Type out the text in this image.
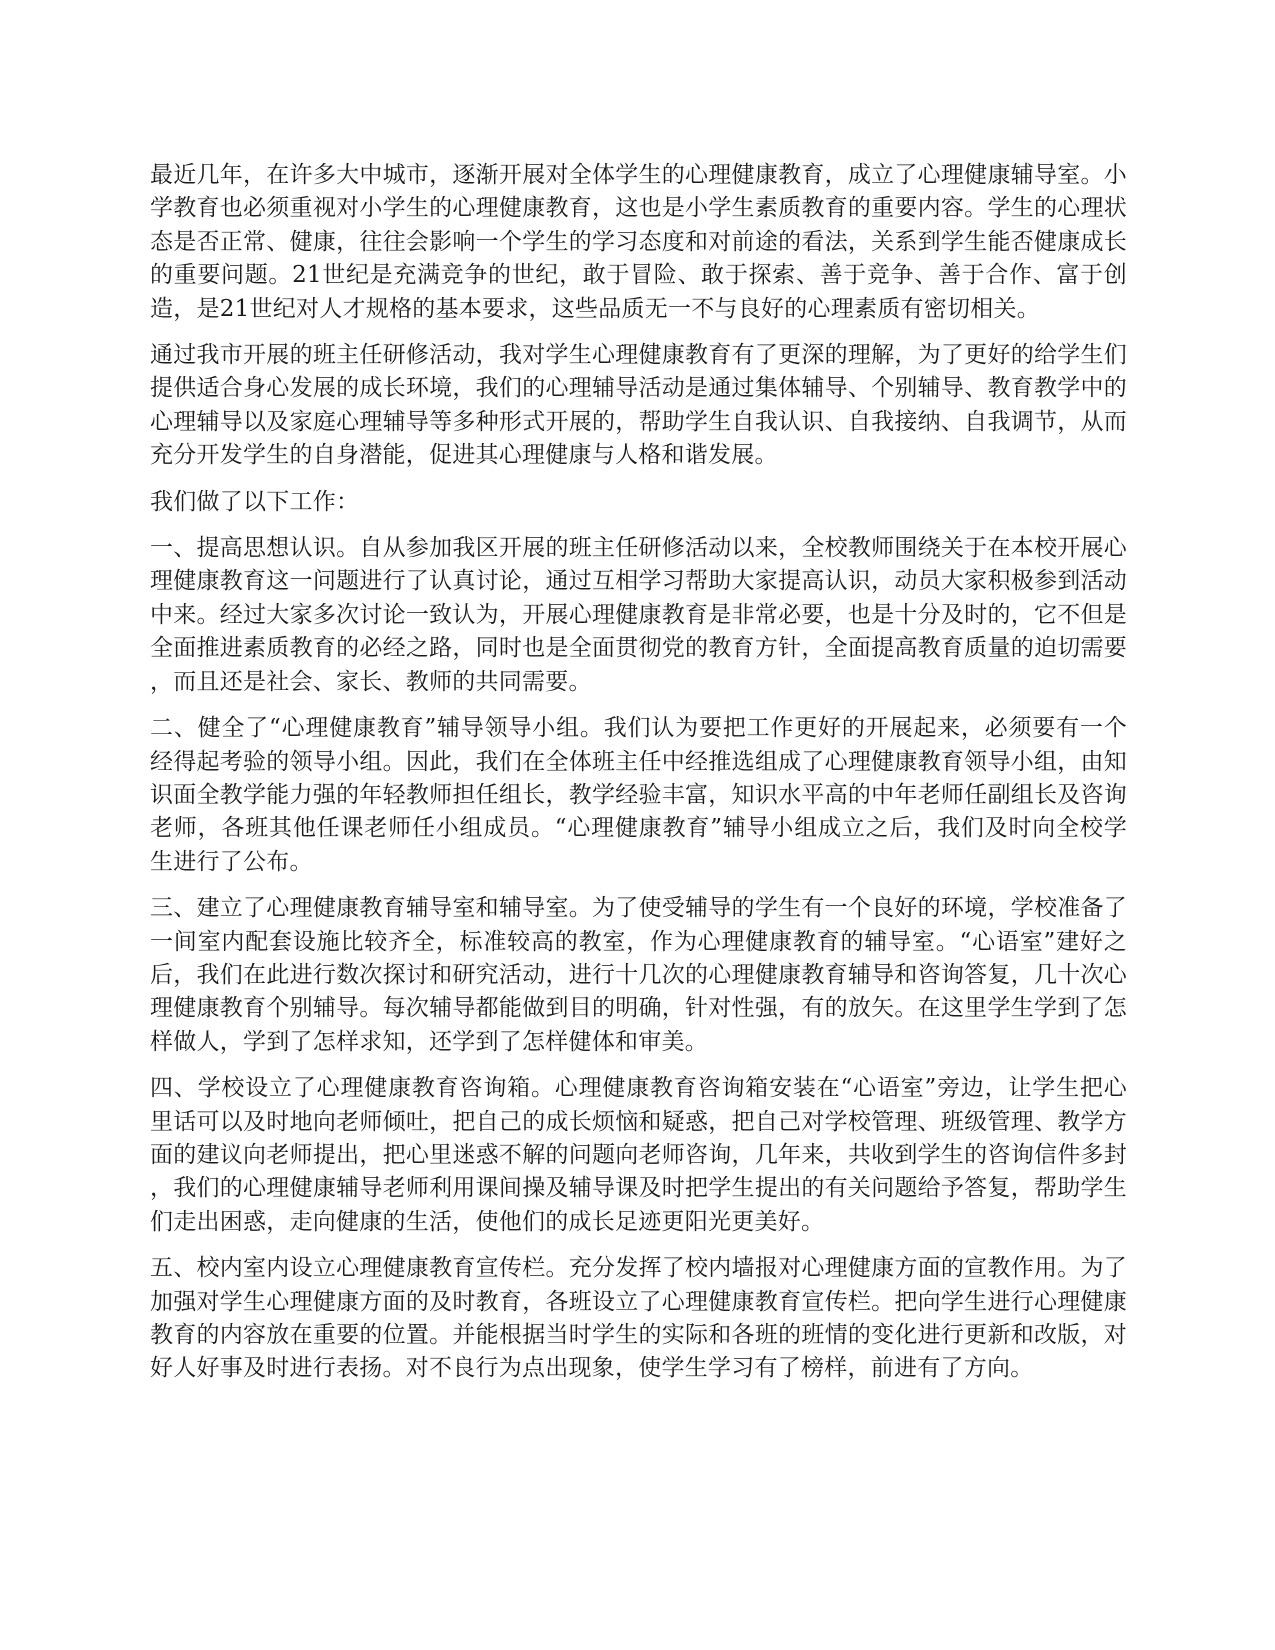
最近几年，在许多大中城市，逐渐开展对全体学生的心理健康教育，成立了心理健康辅导室。小学教育也必须重视对小学生的心理健康教育，这也是小学生素质教育的重要内容。学生的心理状态是否正常、健康，往往会影响一个学生的学习态度和对前途的看法，关系到学生能否健康成长的重要问题。21世纪是充满竞争的世纪，敢于冒险、敢于探索、善于竞争、善于合作、富于创造，是21世纪对人才规格的基本要求，这些品质无一不与良好的心理素质有密切相关。

通过我市开展的班主任研修活动，我对学生心理健康教育有了更深的理解，为了更好的给学生们提供适合身心发展的成长环境，我们的心理辅导活动是通过集体辅导、个别辅导、教育教学中的心理辅导以及家庭心理辅导等多种形式开展的，帮助学生自我认识、自我接纳、自我调节，从而充分开发学生的自身潜能，促进其心理健康与人格和谐发展。

我们做了以下工作：

一、提高思想认识。自从参加我区开展的班主任研修活动以来，全校教师围绕关于在本校开展心理健康教育这一问题进行了认真讨论，通过互相学习帮助大家提高认识，动员大家积极参到活动中来。经过大家多次讨论一致认为，开展心理健康教育是非常必要，也是十分及时的，它不但是全面推进素质教育的必经之路，同时也是全面贯彻党的教育方针，全面提高教育质量的迫切需要，而且还是社会、家长、教师的共同需要。

二、健全了“心理健康教育”辅导领导小组。我们认为要把工作更好的开展起来，必须要有一个经得起考验的领导小组。因此，我们在全体班主任中经推选组成了心理健康教育领导小组，由知识面全教学能力强的年轻教师担任组长，教学经验丰富，知识水平高的中年老师任副组长及咨询老师，各班其他任课老师任小组成员。“心理健康教育”辅导小组成立之后，我们及时向全校学生进行了公布。

三、建立了心理健康教育辅导室和辅导室。为了使受辅导的学生有一个良好的环境，学校准备了一间室内配套设施比较齐全，标准较高的教室，作为心理健康教育的辅导室。“心语室”建好之后，我们在此进行数次探讨和研究活动，进行十几次的心理健康教育辅导和咨询答复，几十次心理健康教育个别辅导。每次辅导都能做到目的明确，针对性强，有的放矢。在这里学生学到了怎样做人，学到了怎样求知，还学到了怎样健体和审美。

四、学校设立了心理健康教育咨询箱。心理健康教育咨询箱安装在“心语室”旁边，让学生把心里话可以及时地向老师倾吐，把自己的成长烦恼和疑惑，把自己对学校管理、班级管理、教学方面的建议向老师提出，把心里迷惑不解的问题向老师咨询，几年来，共收到学生的咨询信件多封，我们的心理健康辅导老师利用课间操及辅导课及时把学生提出的有关问题给予答复，帮助学生们走出困惑，走向健康的生活，使他们的成长足迹更阳光更美好。

五、校内室内设立心理健康教育宣传栏。充分发挥了校内墙报对心理健康方面的宣教作用。为了加强对学生心理健康方面的及时教育，各班设立了心理健康教育宣传栏。把向学生进行心理健康教育的内容放在重要的位置。并能根据当时学生的实际和各班的班情的变化进行更新和改版，对好人好事及时进行表扬。对不良行为点出现象，使学生学习有了榜样，前进有了方向。
